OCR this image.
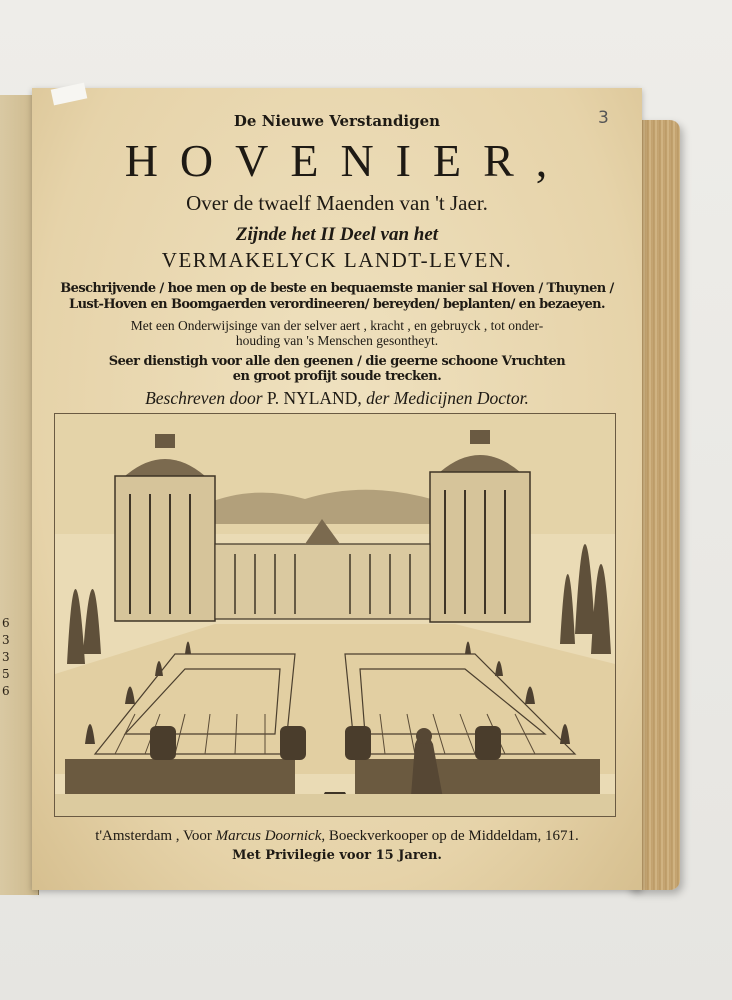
6
3
3
5
6
3
De Nieuwe Verstandigen
HOVENIER,
Over de twaelf Maenden van 't Jaer.
Zijnde het II Deel van het
VERMAKELYCK LANDT-LEVEN.
Beschrijvende / hoe men op de beste en bequaemste manier sal Hoven / Thuynen /
Lust-Hoven en Boomgaerden verordineeren/ bereyden/ beplanten/ en bezaeyen.
Met een Onderwijsinge van der selver aert , kracht , en gebruyck , tot onder-
houding van 's Menschen gesontheyt.
Seer dienstigh voor alle den geenen / die geerne schoone Vruchten
en groot profijt soude trecken.
Beschreven door P. NYLAND, der Medicijnen Doctor.
t'Amsterdam , Voor Marcus Doornick, Boeckverkooper op de Middeldam, 1671.
Met Privilegie voor 15 Jaren.
